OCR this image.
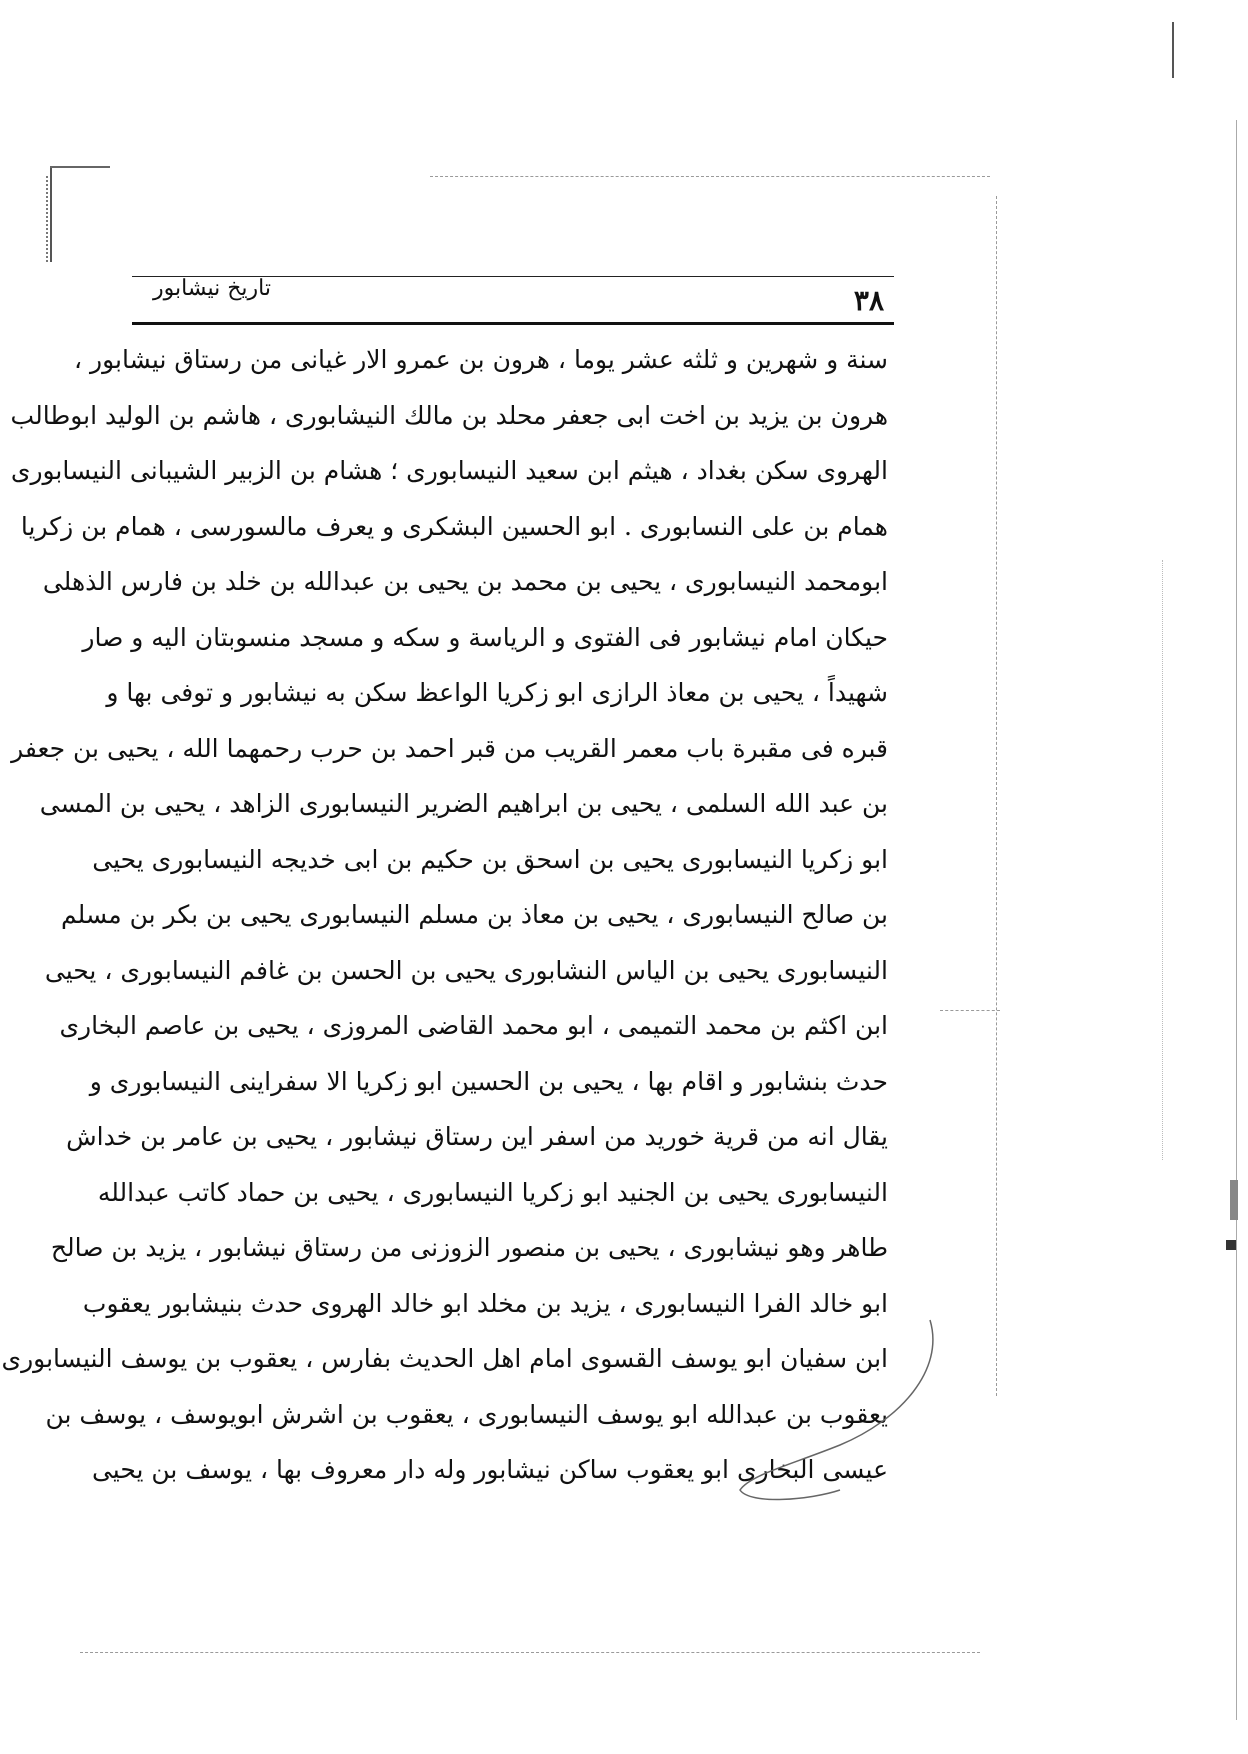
تاریخ نیشابور	۳۸
سنة و شهرين و ثلثه عشر يوما ، هرون بن عمرو الار غیانی من رستاق نیشابور ،
هرون بن يزيد بن اخت ابی جعفر محلد بن مالك النيشابوری ، هاشم بن الوليد ابوطالب
الهروی سکن بغداد ، هيثم ابن سعيد النيسابوری ؛ هشام بن الزبير الشيبانی النيسابوری
همام بن علی النسابوری . ابو الحسين البشکری و يعرف مالسورسی ، همام بن زکريا
ابومحمد النيسابوری ، يحيی بن محمد بن يحيی بن عبدالله بن خلد بن فارس الذهلی
حيکان امام نيشابور فی الفتوی و الرياسة و سکه و مسجد منسوبتان اليه و صار
شهيداً ، يحيی بن معاذ الرازی ابو زکريا الواعظ سکن به نيشابور و توفی بها و
قبره فی مقبرة باب معمر القريب من قبر احمد بن حرب رحمهما الله ، يحيی بن جعفر
بن عبد الله السلمی ، يحيی بن ابراهيم الضرير النيسابوری الزاهد ، يحيی بن المسی
ابو زکريا النيسابوری يحيی بن اسحق بن حکيم بن ابی خديجه النيسابوری يحيی
بن صالح النيسابوری ، يحيی بن معاذ بن مسلم النيسابوری يحيی بن بکر بن مسلم
النيسابوری يحيی بن الياس النشابوری يحيی بن الحسن بن غافم النيسابوری ، يحيی
ابن اکثم بن محمد التميمی ، ابو محمد القاضی المروزی ، يحيی بن عاصم البخاری
حدث بنشابور و اقام بها ، يحيی بن الحسين ابو زکريا الا سفراينی النيسابوری و
يقال انه من قرية خوريد من اسفر اين رستاق نيشابور ، يحيی بن عامر بن خداش
النيسابوری يحيی بن الجنيد ابو زکريا النيسابوری ، يحيی بن حماد کاتب عبدالله
طاهر وهو نيشابوری ، يحيی بن منصور الزوزنی من رستاق نيشابور ، يزيد بن صالح
ابو خالد الفرا النيسابوری ، يزيد بن مخلد ابو خالد الهروی حدث بنيشابور يعقوب
ابن سفيان ابو يوسف القسوی امام اهل الحديث بفارس ، يعقوب بن يوسف النيسابوری
يعقوب بن عبدالله ابو يوسف النيسابوری ، يعقوب بن اشرش ابويوسف ، يوسف بن
عيسی البخاری ابو يعقوب ساکن نيشابور وله دار معروف بها ، يوسف بن يحيی
